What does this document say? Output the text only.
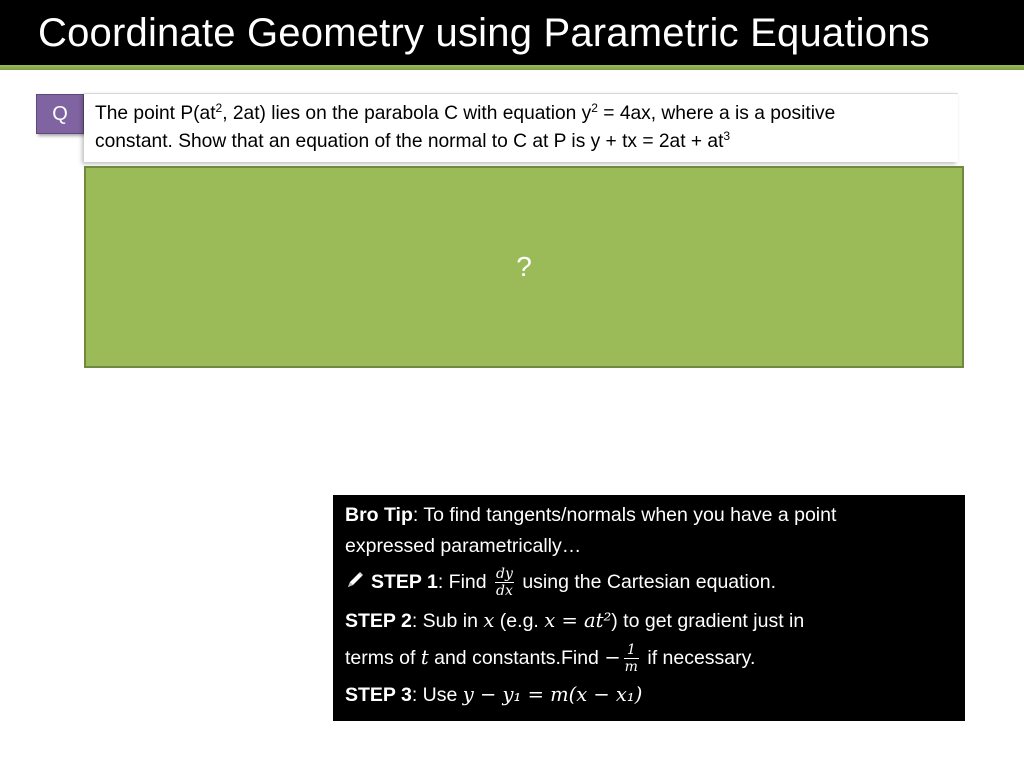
Coordinate Geometry using Parametric Equations
Q	The point $P(at^2$, 2at) lies on the parabola C with equation $y^2 = 4ax$, where a is a positive
constant. Show that an equation of the normal to C at P is y + tx = $2at + at^3$

?
Bro Tip: To find tangents/normals when you have a point
expressed parametrically…
STEP 1: Find $\frac{dy}{dx}$ using the Cartesian equation.
STEP 2: Sub in x (e.g. x = at²) to get gradient just in
terms of t and constants.Find − $\frac{1}{m}$ if necessary.
STEP 3: Use y − y₁ = m(x − x₁)
